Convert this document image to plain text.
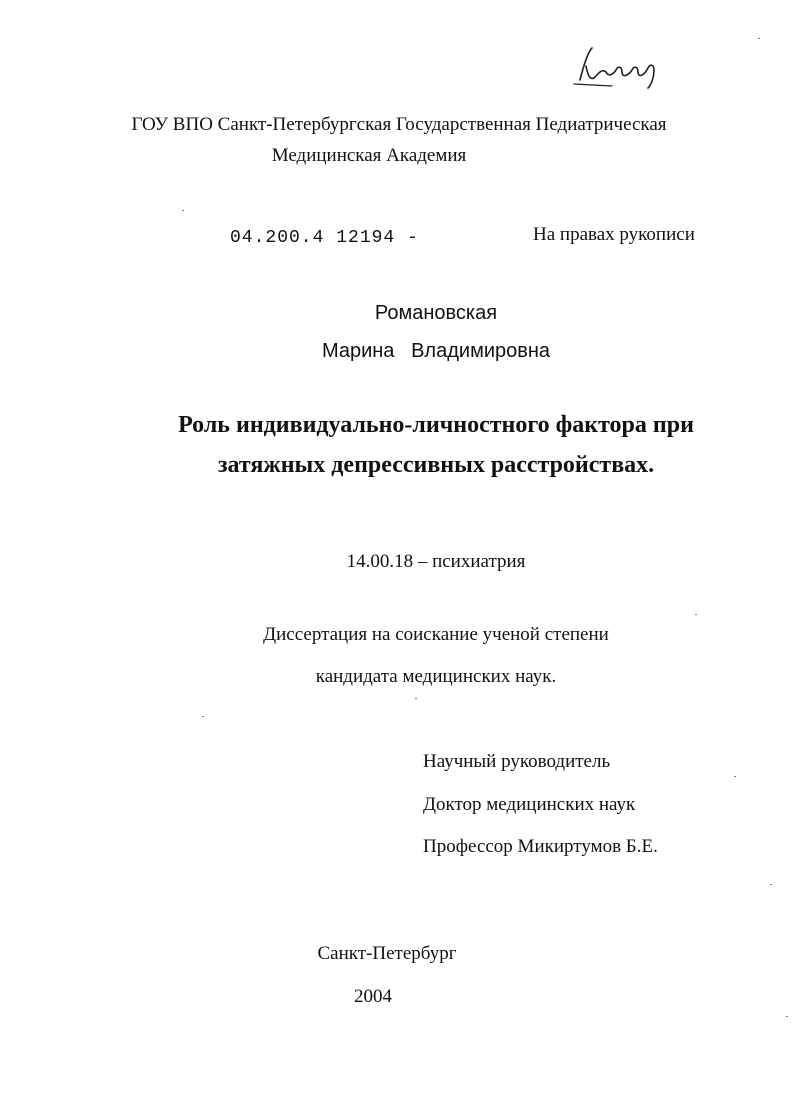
ГОУ ВПО Санкт-Петербургская Государственная Педиатрическая
Медицинская Академия
04.200.4 12194 -	На правах рукописи
Романовская
Марина   Владимировна
Роль индивидуально-личностного фактора при
затяжных депрессивных расстройствах.
14.00.18 – психиатрия
Диссертация на соискание ученой степени
кандидата медицинских наук.
Научный руководитель
Доктор медицинских наук
Профессор Микиртумов Б.Е.
Санкт-Петербург
2004
